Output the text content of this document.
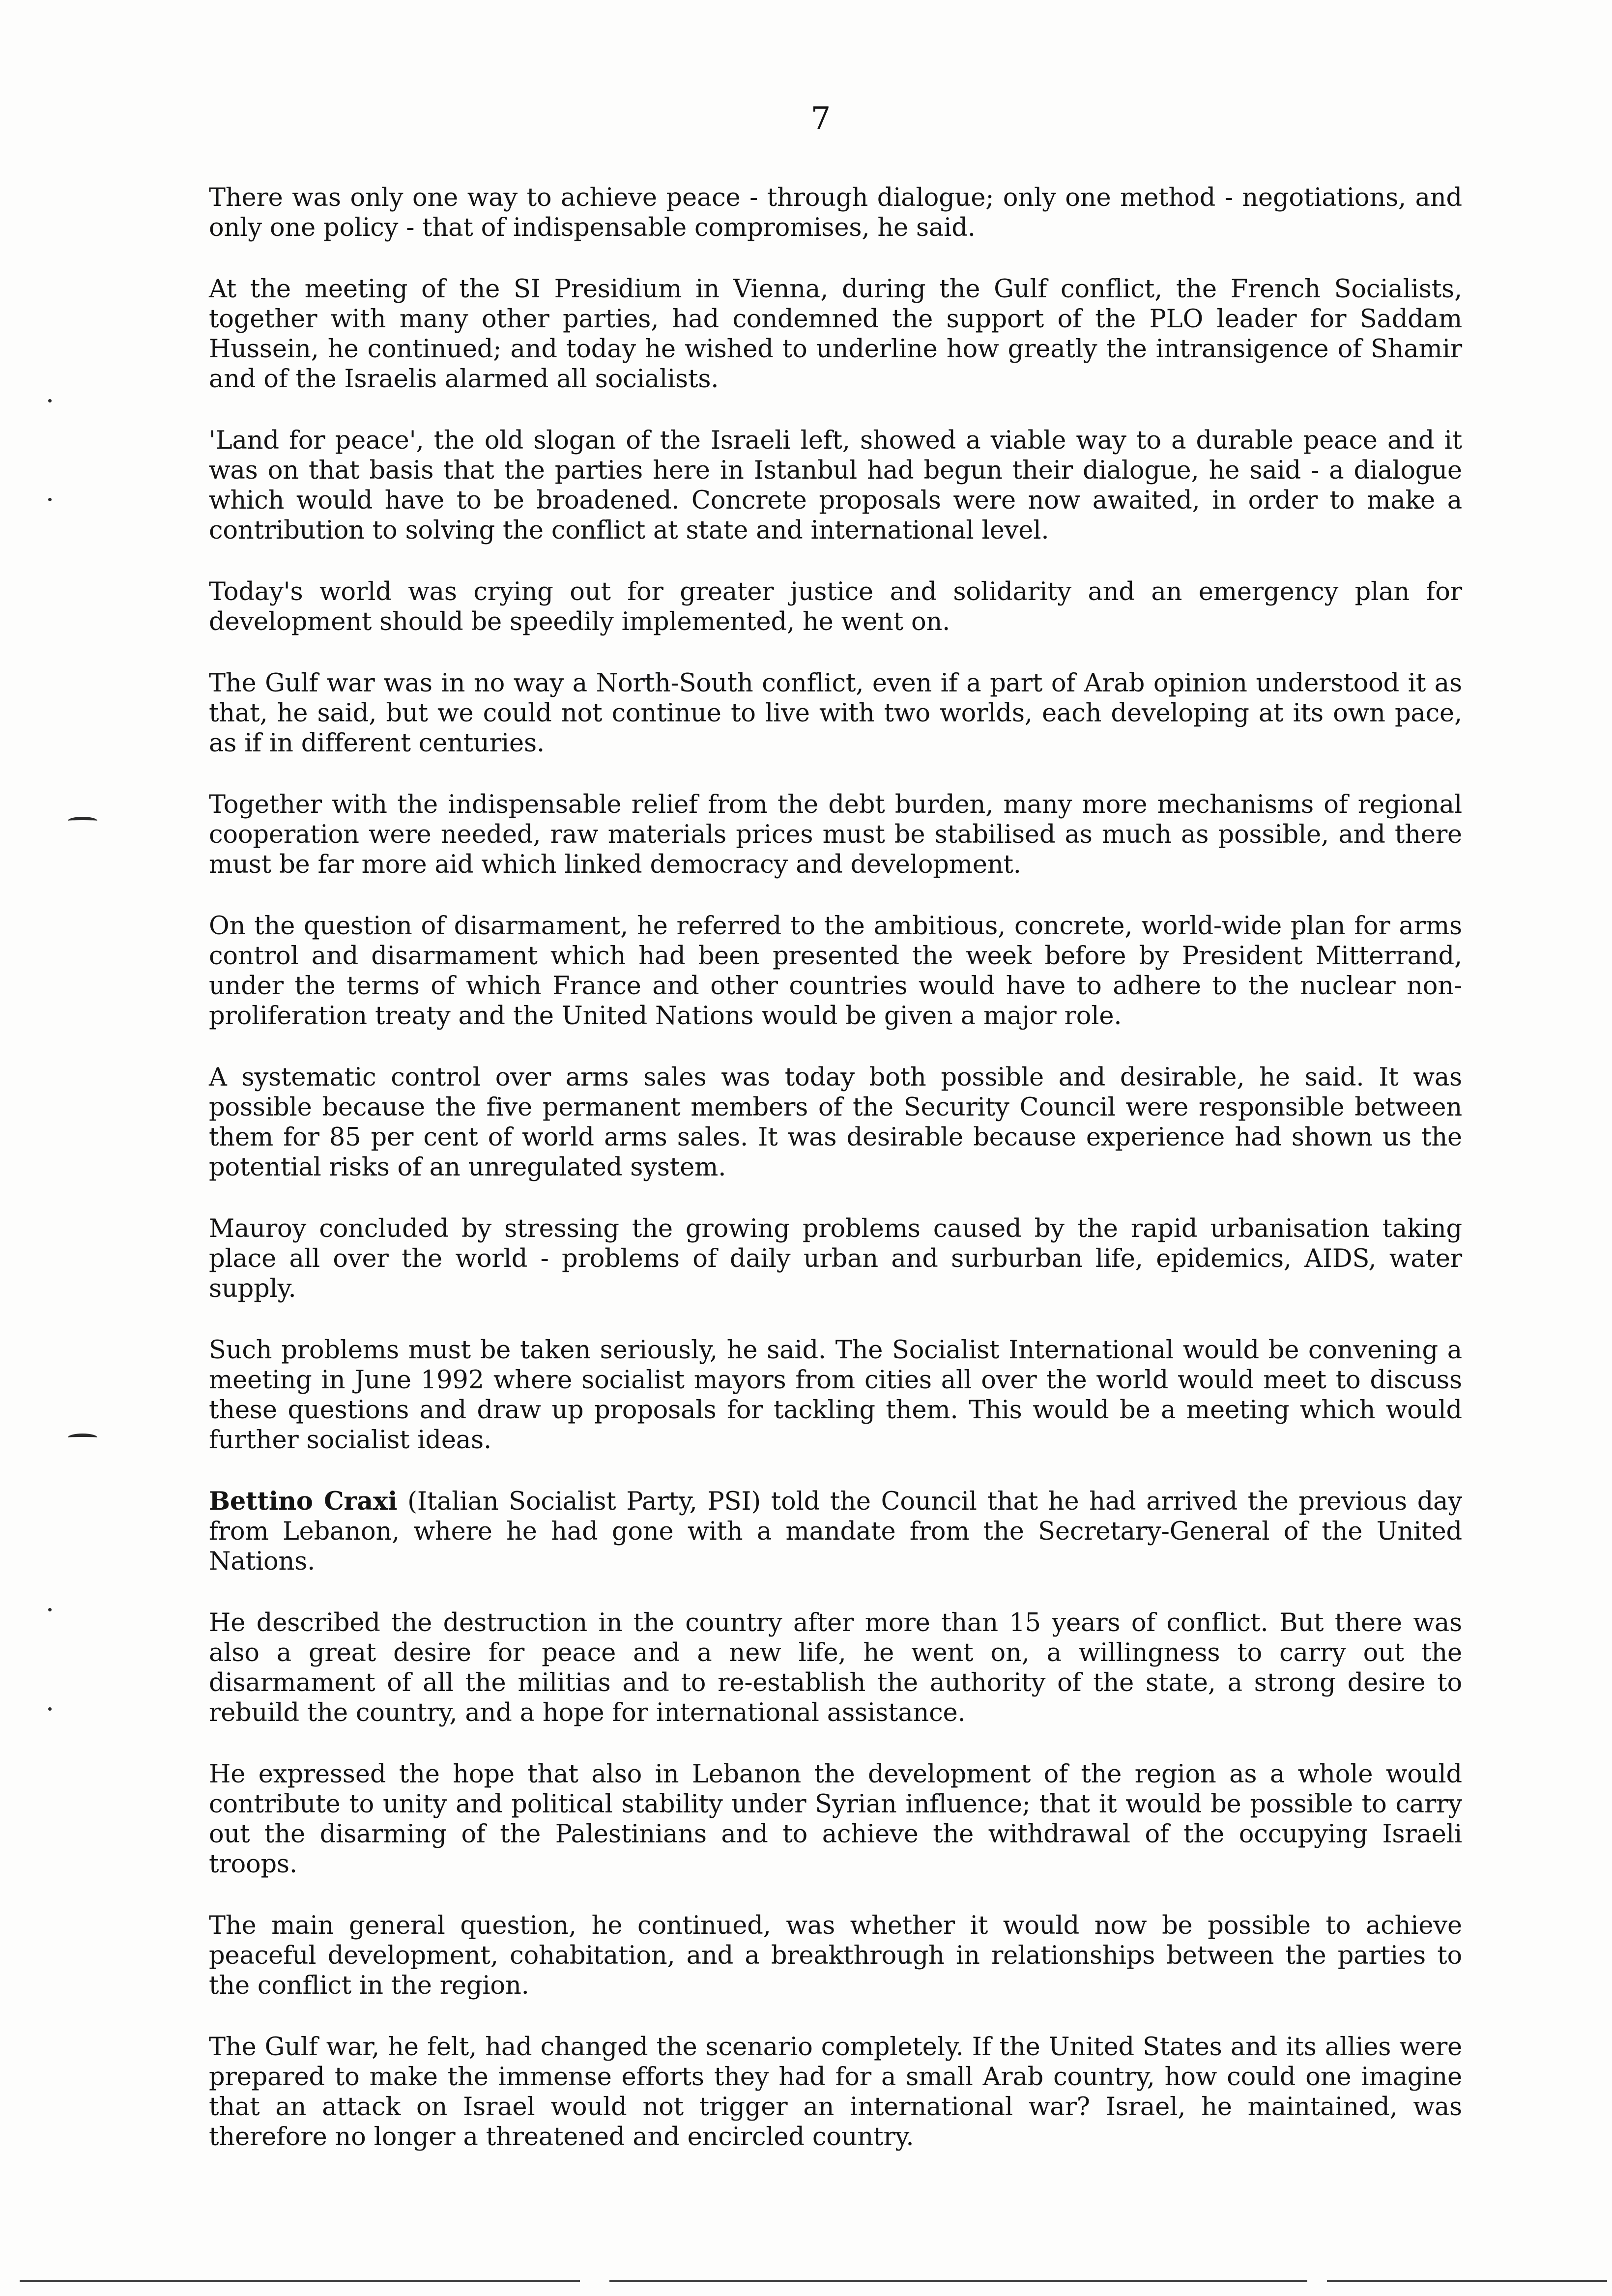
7

There was only one way to achieve peace - through dialogue; only one method - negotiations, and only one policy - that of indispensable compromises, he said.

At the meeting of the SI Presidium in Vienna, during the Gulf conflict, the French Socialists, together with many other parties, had condemned the support of the PLO leader for Saddam Hussein, he continued; and today he wished to underline how greatly the intransigence of Shamir and of the Israelis alarmed all socialists.

'Land for peace', the old slogan of the Israeli left, showed a viable way to a durable peace and it was on that basis that the parties here in Istanbul had begun their dialogue, he said - a dialogue which would have to be broadened. Concrete proposals were now awaited, in order to make a contribution to solving the conflict at state and international level.

Today's world was crying out for greater justice and solidarity and an emergency plan for development should be speedily implemented, he went on.

The Gulf war was in no way a North-South conflict, even if a part of Arab opinion understood it as that, he said, but we could not continue to live with two worlds, each developing at its own pace, as if in different centuries.

Together with the indispensable relief from the debt burden, many more mechanisms of regional cooperation were needed, raw materials prices must be stabilised as much as possible, and there must be far more aid which linked democracy and development.

On the question of disarmament, he referred to the ambitious, concrete, world-wide plan for arms control and disarmament which had been presented the week before by President Mitterrand, under the terms of which France and other countries would have to adhere to the nuclear non-proliferation treaty and the United Nations would be given a major role.

A systematic control over arms sales was today both possible and desirable, he said. It was possible because the five permanent members of the Security Council were responsible between them for 85 per cent of world arms sales. It was desirable because experience had shown us the potential risks of an unregulated system.

Mauroy concluded by stressing the growing problems caused by the rapid urbanisation taking place all over the world - problems of daily urban and surburban life, epidemics, AIDS, water supply.

Such problems must be taken seriously, he said. The Socialist International would be convening a meeting in June 1992 where socialist mayors from cities all over the world would meet to discuss these questions and draw up proposals for tackling them. This would be a meeting which would further socialist ideas.

Bettino Craxi (Italian Socialist Party, PSI) told the Council that he had arrived the previous day from Lebanon, where he had gone with a mandate from the Secretary-General of the United Nations.

He described the destruction in the country after more than 15 years of conflict. But there was also a great desire for peace and a new life, he went on, a willingness to carry out the disarmament of all the militias and to re-establish the authority of the state, a strong desire to rebuild the country, and a hope for international assistance.

He expressed the hope that also in Lebanon the development of the region as a whole would contribute to unity and political stability under Syrian influence; that it would be possible to carry out the disarming of the Palestinians and to achieve the withdrawal of the occupying Israeli troops.

The main general question, he continued, was whether it would now be possible to achieve peaceful development, cohabitation, and a breakthrough in relationships between the parties to the conflict in the region.

The Gulf war, he felt, had changed the scenario completely. If the United States and its allies were prepared to make the immense efforts they had for a small Arab country, how could one imagine that an attack on Israel would not trigger an international war? Israel, he maintained, was therefore no longer a threatened and encircled country.
